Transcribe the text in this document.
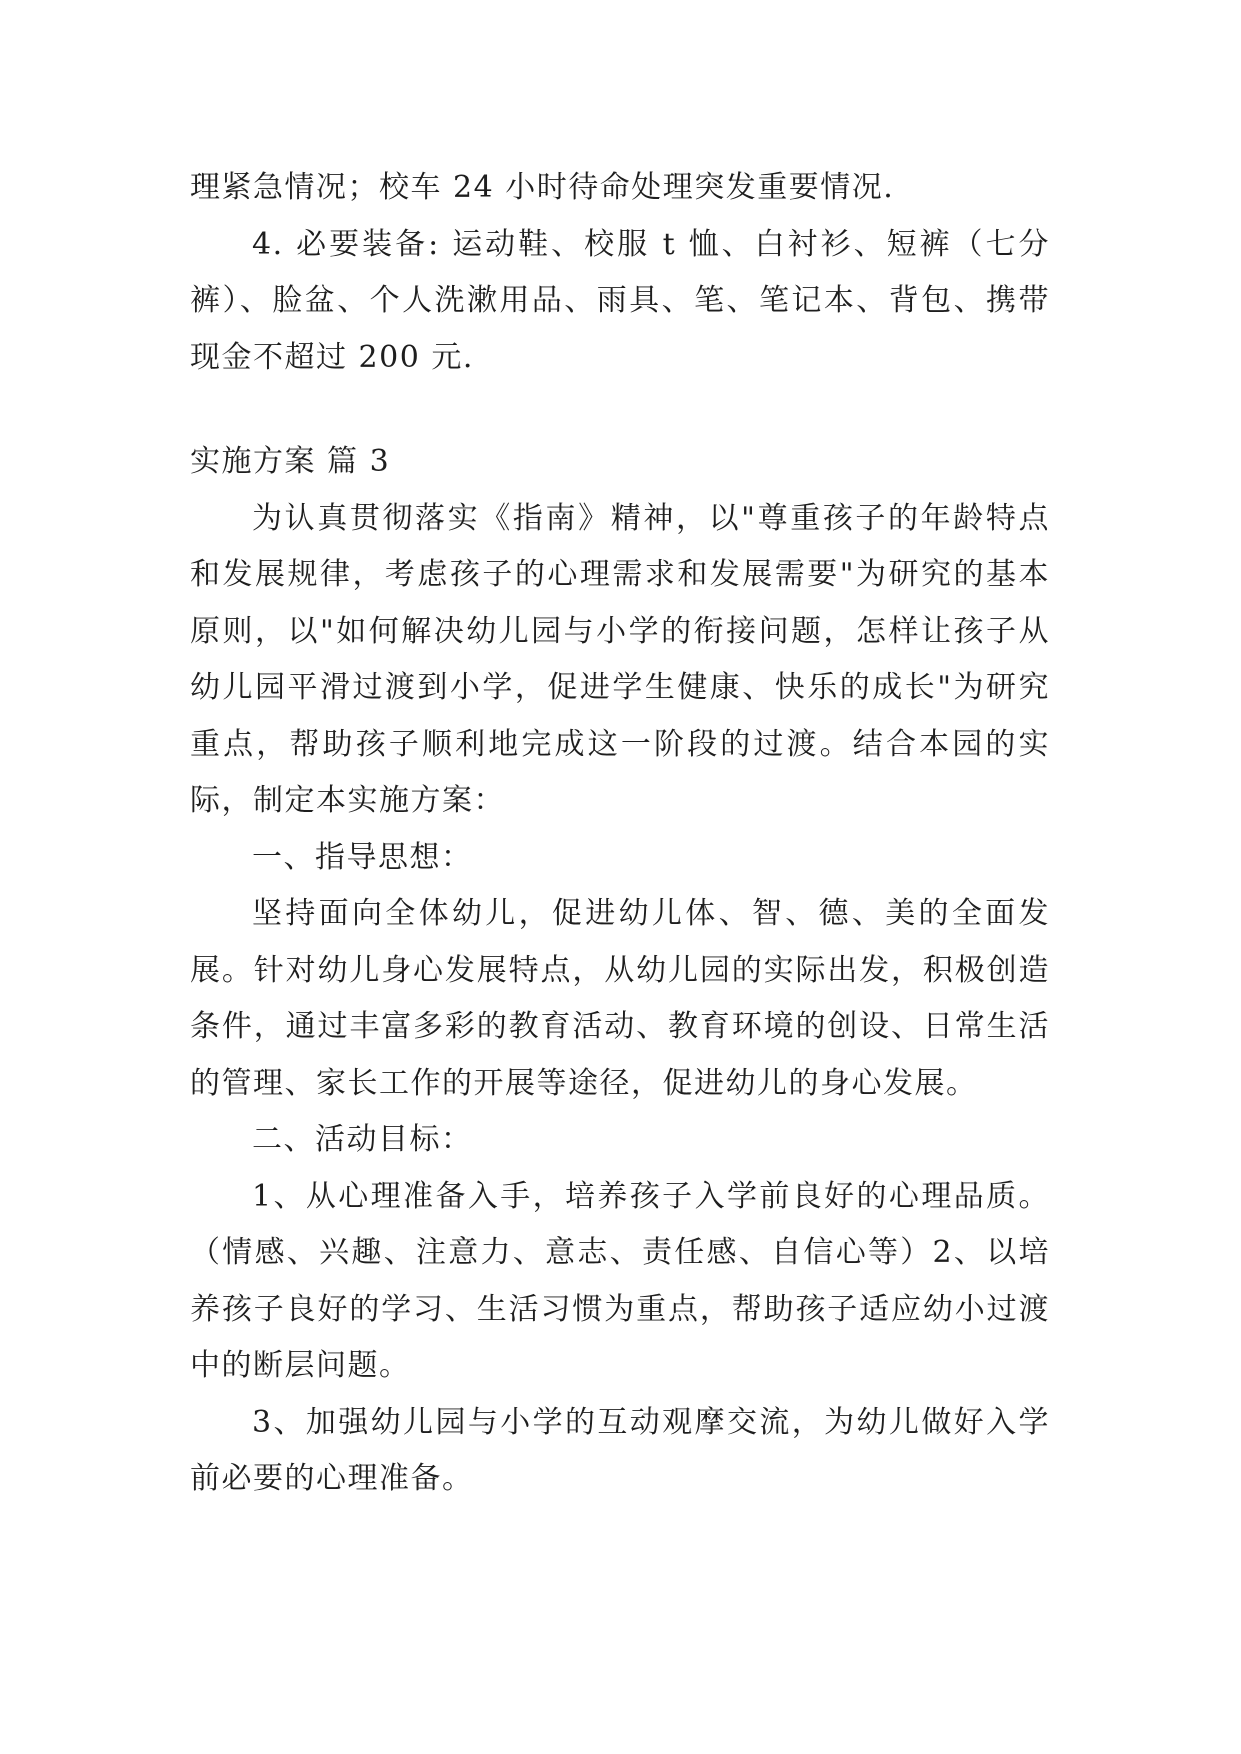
理紧急情况；校车 24 小时待命处理突发重要情况.

4. 必要装备: 运动鞋、校服 t 恤、白衬衫、短裤（七分裤）、脸盆、个人洗漱用品、雨具、笔、笔记本、背包、携带现金不超过 200 元.

实施方案 篇 3

为认真贯彻落实《指南》精神，以"尊重孩子的年龄特点和发展规律，考虑孩子的心理需求和发展需要"为研究的基本原则，以"如何解决幼儿园与小学的衔接问题，怎样让孩子从幼儿园平滑过渡到小学，促进学生健康、快乐的成长"为研究重点，帮助孩子顺利地完成这一阶段的过渡。结合本园的实际，制定本实施方案：

一、指导思想：

坚持面向全体幼儿，促进幼儿体、智、德、美的全面发展。针对幼儿身心发展特点，从幼儿园的实际出发，积极创造条件，通过丰富多彩的教育活动、教育环境的创设、日常生活的管理、家长工作的开展等途径，促进幼儿的身心发展。

二、活动目标：

1、从心理准备入手，培养孩子入学前良好的心理品质。（情感、兴趣、注意力、意志、责任感、自信心等）2、以培养孩子良好的学习、生活习惯为重点，帮助孩子适应幼小过渡中的断层问题。

3、加强幼儿园与小学的互动观摩交流，为幼儿做好入学前必要的心理准备。
